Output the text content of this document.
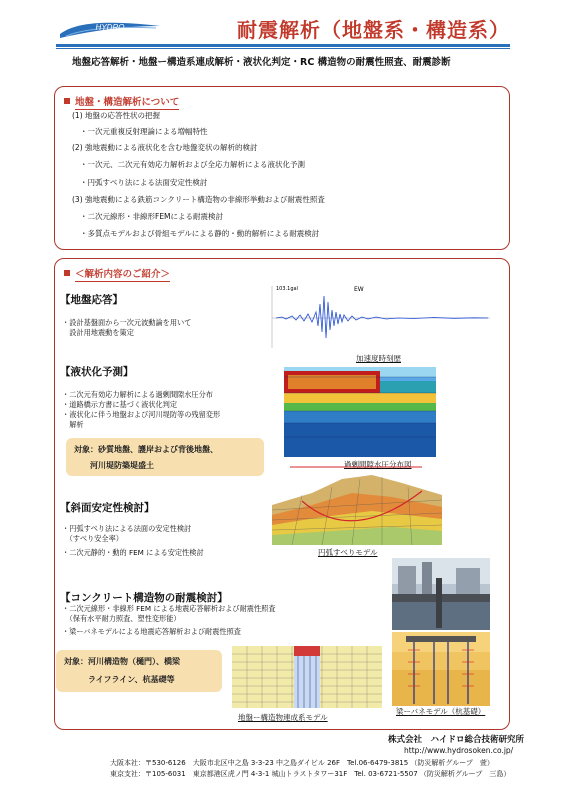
HYDRO	耐震解析（地盤系・構造系）
地盤応答解析・地盤ー構造系連成解析・液状化判定・RC 構造物の耐震性照査、耐震診断
地盤・構造解析について
(1) 地盤の応答性状の把握
・一次元重複反射理論による増幅特性
(2) 強地震動による液状化を含む地盤変状の解析的検討
・一次元、二次元有効応力解析および全応力解析による液状化予測
・円弧すべり法による法面安定性検討
(3) 強地震動による鉄筋コンクリート構造物の非線形挙動および耐震性照査
・二次元線形・非線形FEMによる耐震検討
・多質点モデルおよび骨組モデルによる静的・動的解析による耐震検討
＜解析内容のご紹介＞
【地盤応答】
・設計基盤面から一次元波動論を用いて
　設計用地震動を策定
103.1gal	EW
加速度時刻歴
【液状化予測】
・二次元有効応力解析による過剰間隙水圧分布
・道路橋示方書に基づく液状化判定
・液状化に伴う地盤および河川堤防等の残留変形
　解析
対象：砂質地盤、護岸および背後地盤、
　　河川堤防築堤盛土	過剰間隙水圧分布図
【斜面安定性検討】
・円弧すべり法による法面の安定性検討
　（すべり安全率）
・二次元静的・動的 FEM による安定性検討	円弧すべりモデル
【コンクリート構造物の耐震検討】
・二次元線形・非線形 FEM による地震応答解析および耐震性照査
　（保有水平耐力照査、塑性変形能）
・梁ーバネモデルによる地震応答解析および耐震性照査
対象：河川構造物（樋門）、橋梁
　　　ライフライン、杭基礎等
地盤ー構造物連成系モデル
梁ーバネモデル（杭基礎）
株式会社　ハイドロ総合技術研究所
http://www.hydrosoken.co.jp/
大阪本社：〒530-6126　大阪市北区中之島 3-3-23 中之島ダイビル 26F　Tel.06-6479-3815 （防災解析グループ　萱）
東京支社：〒105-6031　東京都港区虎ノ門 4-3-1 城山トラストタワー31F　Tel. 03-6721-5507 （防災解析グループ　三島）
